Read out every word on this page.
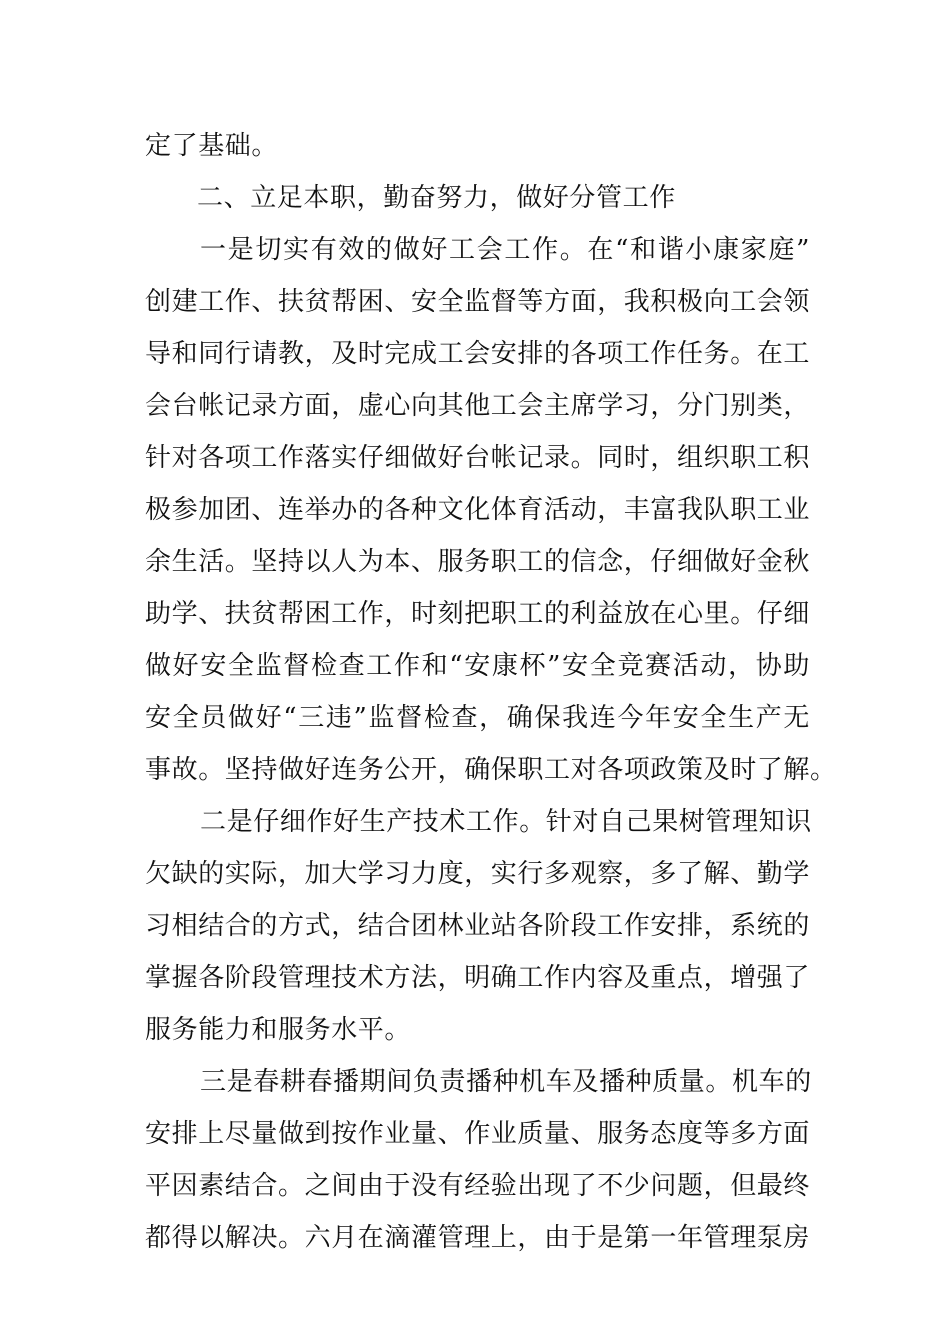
定了基础。
二、立足本职，勤奋努力，做好分管工作
一是切实有效的做好工会工作。在“和谐小康家庭”
创建工作、扶贫帮困、安全监督等方面，我积极向工会领
导和同行请教，及时完成工会安排的各项工作任务。在工
会台帐记录方面，虚心向其他工会主席学习，分门别类，
针对各项工作落实仔细做好台帐记录。同时，组织职工积
极参加团、连举办的各种文化体育活动，丰富我队职工业
余生活。坚持以人为本、服务职工的信念，仔细做好金秋
助学、扶贫帮困工作，时刻把职工的利益放在心里。仔细
做好安全监督检查工作和“安康杯”安全竞赛活动，协助
安全员做好“三违”监督检查，确保我连今年安全生产无
事故。坚持做好连务公开，确保职工对各项政策及时了解。
二是仔细作好生产技术工作。针对自己果树管理知识
欠缺的实际，加大学习力度，实行多观察，多了解、勤学
习相结合的方式，结合团林业站各阶段工作安排，系统的
掌握各阶段管理技术方法，明确工作内容及重点，增强了
服务能力和服务水平。
三是春耕春播期间负责播种机车及播种质量。机车的
安排上尽量做到按作业量、作业质量、服务态度等多方面
平因素结合。之间由于没有经验出现了不少问题，但最终
都得以解决。六月在滴灌管理上，由于是第一年管理泵房
